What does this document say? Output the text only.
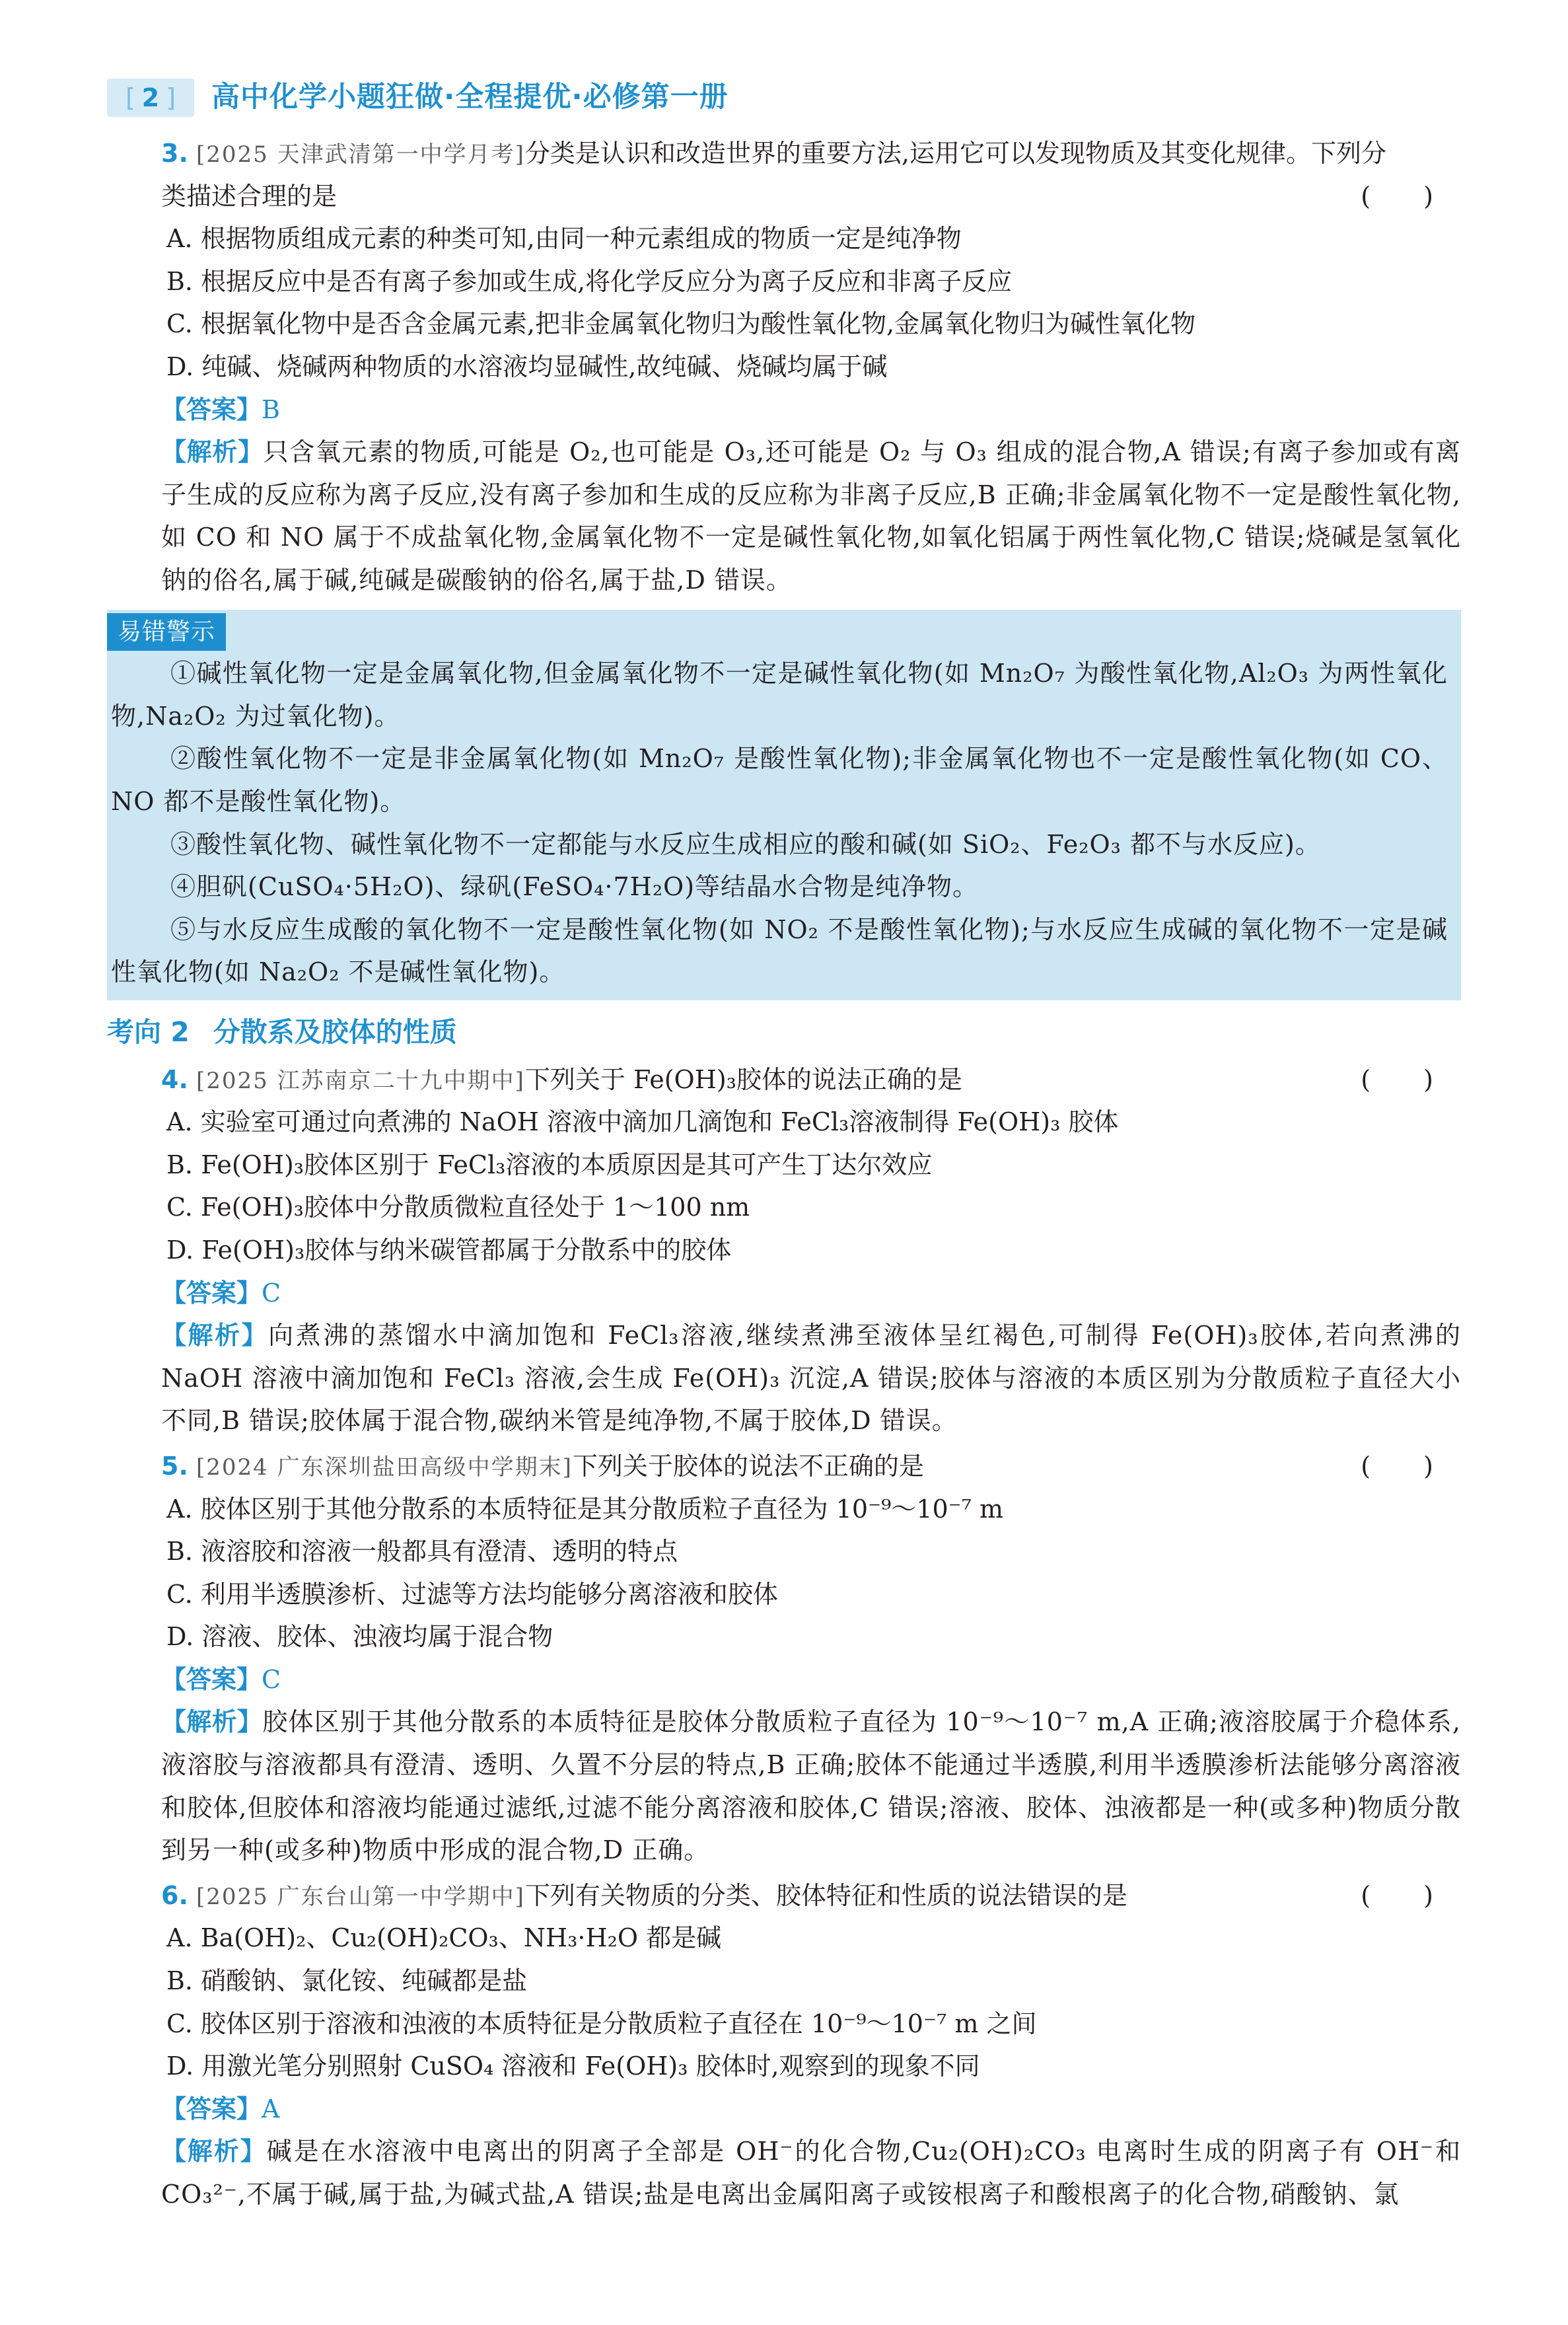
[ 2 ] 高中化学小题狂做·全程提优·必修第一册
3. [2025 天津武清第一中学月考]分类是认识和改造世界的重要方法,运用它可以发现物质及其变化规律。下列分类描述合理的是	( )
A. 根据物质组成元素的种类可知,由同一种元素组成的物质一定是纯净物
B. 根据反应中是否有离子参加或生成,将化学反应分为离子反应和非离子反应
C. 根据氧化物中是否含金属元素,把非金属氧化物归为酸性氧化物,金属氧化物归为碱性氧化物
D. 纯碱、烧碱两种物质的水溶液均显碱性,故纯碱、烧碱均属于碱
【答案】B
【解析】只含氧元素的物质,可能是 O₂,也可能是 O₃,还可能是 O₂ 与 O₃ 组成的混合物,A 错误;有离子参加或有离子生成的反应称为离子反应,没有离子参加和生成的反应称为非离子反应,B 正确;非金属氧化物不一定是酸性氧化物,如 CO 和 NO 属于不成盐氧化物,金属氧化物不一定是碱性氧化物,如氧化铝属于两性氧化物,C 错误;烧碱是氢氧化钠的俗名,属于碱,纯碱是碳酸钠的俗名,属于盐,D 错误。
易错警示
①碱性氧化物一定是金属氧化物,但金属氧化物不一定是碱性氧化物(如 Mn₂O₇ 为酸性氧化物,Al₂O₃ 为两性氧化物,Na₂O₂ 为过氧化物)。
②酸性氧化物不一定是非金属氧化物(如 Mn₂O₇ 是酸性氧化物);非金属氧化物也不一定是酸性氧化物(如 CO、NO 都不是酸性氧化物)。
③酸性氧化物、碱性氧化物不一定都能与水反应生成相应的酸和碱(如 SiO₂、Fe₂O₃ 都不与水反应)。
④胆矾(CuSO₄·5H₂O)、绿矾(FeSO₄·7H₂O)等结晶水合物是纯净物。
⑤与水反应生成酸的氧化物不一定是酸性氧化物(如 NO₂ 不是酸性氧化物);与水反应生成碱的氧化物不一定是碱性氧化物(如 Na₂O₂ 不是碱性氧化物)。
考向 2 分散系及胶体的性质
4. [2025 江苏南京二十九中期中]下列关于 Fe(OH)₃胶体的说法正确的是	( )
A. 实验室可通过向煮沸的 NaOH 溶液中滴加几滴饱和 FeCl₃溶液制得 Fe(OH)₃ 胶体
B. Fe(OH)₃胶体区别于 FeCl₃溶液的本质原因是其可产生丁达尔效应
C. Fe(OH)₃胶体中分散质微粒直径处于 1～100 nm
D. Fe(OH)₃胶体与纳米碳管都属于分散系中的胶体
【答案】C
【解析】向煮沸的蒸馏水中滴加饱和 FeCl₃溶液,继续煮沸至液体呈红褐色,可制得 Fe(OH)₃胶体,若向煮沸的 NaOH 溶液中滴加饱和 FeCl₃ 溶液,会生成 Fe(OH)₃ 沉淀,A 错误;胶体与溶液的本质区别为分散质粒子直径大小不同,B 错误;胶体属于混合物,碳纳米管是纯净物,不属于胶体,D 错误。
5. [2024 广东深圳盐田高级中学期末]下列关于胶体的说法不正确的是	( )
A. 胶体区别于其他分散系的本质特征是其分散质粒子直径为 10⁻⁹～10⁻⁷ m
B. 液溶胶和溶液一般都具有澄清、透明的特点
C. 利用半透膜渗析、过滤等方法均能够分离溶液和胶体
D. 溶液、胶体、浊液均属于混合物
【答案】C
【解析】胶体区别于其他分散系的本质特征是胶体分散质粒子直径为 10⁻⁹～10⁻⁷ m,A 正确;液溶胶属于介稳体系,液溶胶与溶液都具有澄清、透明、久置不分层的特点,B 正确;胶体不能通过半透膜,利用半透膜渗析法能够分离溶液和胶体,但胶体和溶液均能通过滤纸,过滤不能分离溶液和胶体,C 错误;溶液、胶体、浊液都是一种(或多种)物质分散到另一种(或多种)物质中形成的混合物,D 正确。
6. [2025 广东台山第一中学期中]下列有关物质的分类、胶体特征和性质的说法错误的是	( )
A. Ba(OH)₂、Cu₂(OH)₂CO₃、NH₃·H₂O 都是碱
B. 硝酸钠、氯化铵、纯碱都是盐
C. 胶体区别于溶液和浊液的本质特征是分散质粒子直径在 10⁻⁹～10⁻⁷ m 之间
D. 用激光笔分别照射 CuSO₄ 溶液和 Fe(OH)₃ 胶体时,观察到的现象不同
【答案】A
【解析】碱是在水溶液中电离出的阴离子全部是 OH⁻的化合物,Cu₂(OH)₂CO₃ 电离时生成的阴离子有 OH⁻和 CO₃²⁻,不属于碱,属于盐,为碱式盐,A 错误;盐是电离出金属阳离子或铵根离子和酸根离子的化合物,硝酸钠、氯
